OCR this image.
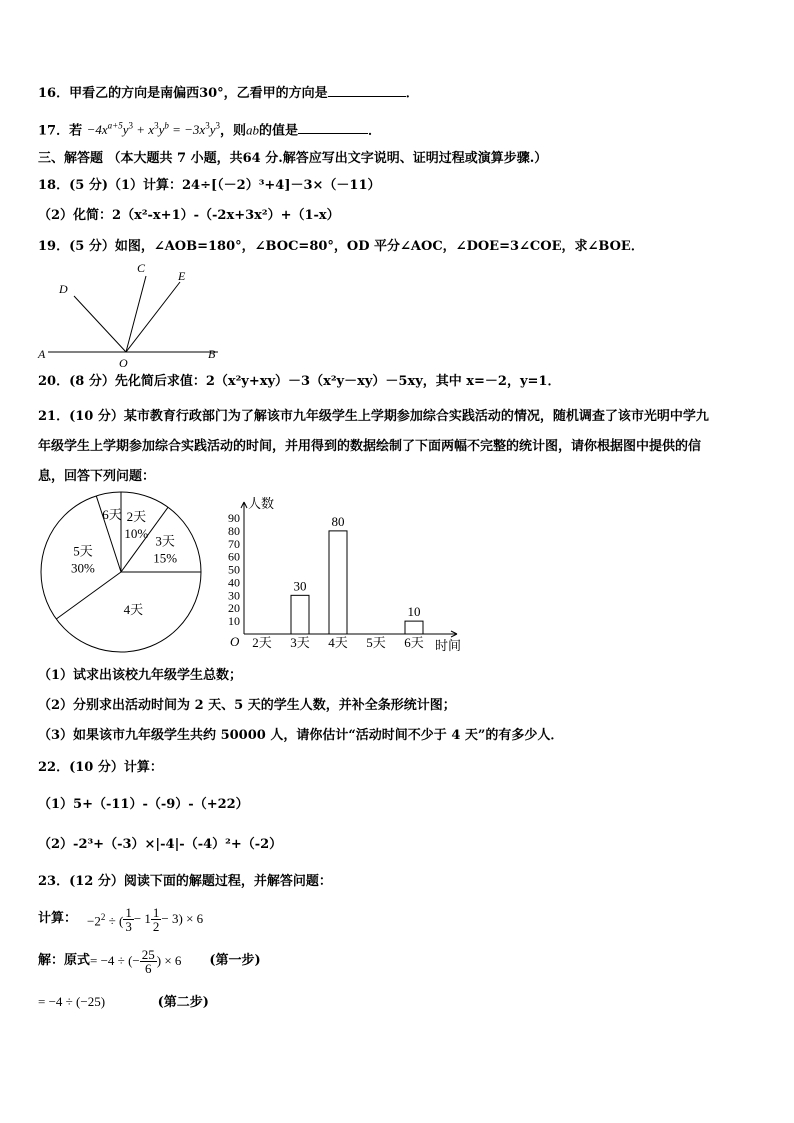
16．甲看乙的方向是南偏西30°，乙看甲的方向是	．
17．若 $-4x^{a+5}y^3 + x^3y^b = -3x^3y^3$，则ab的值是	．
三、解答题 （本大题共 7 小题，共64 分.解答应写出文字说明、证明过程或演算步骤.）
18．(5 分)（1）计算：24÷[（－2）³+4]－3×（－11）
（2）化简：2（x²-x+1）-（-2x+3x²）+（1-x）
19．(5 分）如图，∠AOB=180°，∠BOC=80°，OD 平分∠AOC，∠DOE=3∠COE，求∠BOE．
A	B
O
C
D
E
20．(8 分）先化简后求值：2（x²y+xy）－3（x²y－xy）－5xy，其中 x=－2，y=1．
21．(10 分）某市教育行政部门为了解该市九年级学生上学期参加综合实践活动的情况，随机调查了该市光明中学九
年级学生上学期参加综合实践活动的时间，并用得到的数据绘制了下面两幅不完整的统计图，请你根据图中提供的信
息，回答下列问题：
6天 2天
10%
3天
15%
4天
5天
30%
人数
时间
O
10
20
30
40
50
60
70
80
90
2天 3天
30
4天
80
5天 6天
10
（1）试求出该校九年级学生总数；
（2）分别求出活动时间为 2 天、5 天的学生人数，并补全条形统计图；
（3）如果该市九年级学生共约 50000 人，请你估计“活动时间不少于 4 天”的有多少人．
22．(10 分）计算：
（1）5+（-11）-（-9）-（+22）
（2）-2³+（-3）×|-4|-（-4）²+（-2）
23．(12 分）阅读下面的解题过程，并解答问题：
计算： $-2^2$ ÷ ( $\frac{1}{3} - 1 \frac{1}{2} - 3) \times 6$
解：原式 = −4 ÷ (− $\frac{25}{6}$ ) × 6 (第一步)
= −4 ÷ (−25)	(第二步)
